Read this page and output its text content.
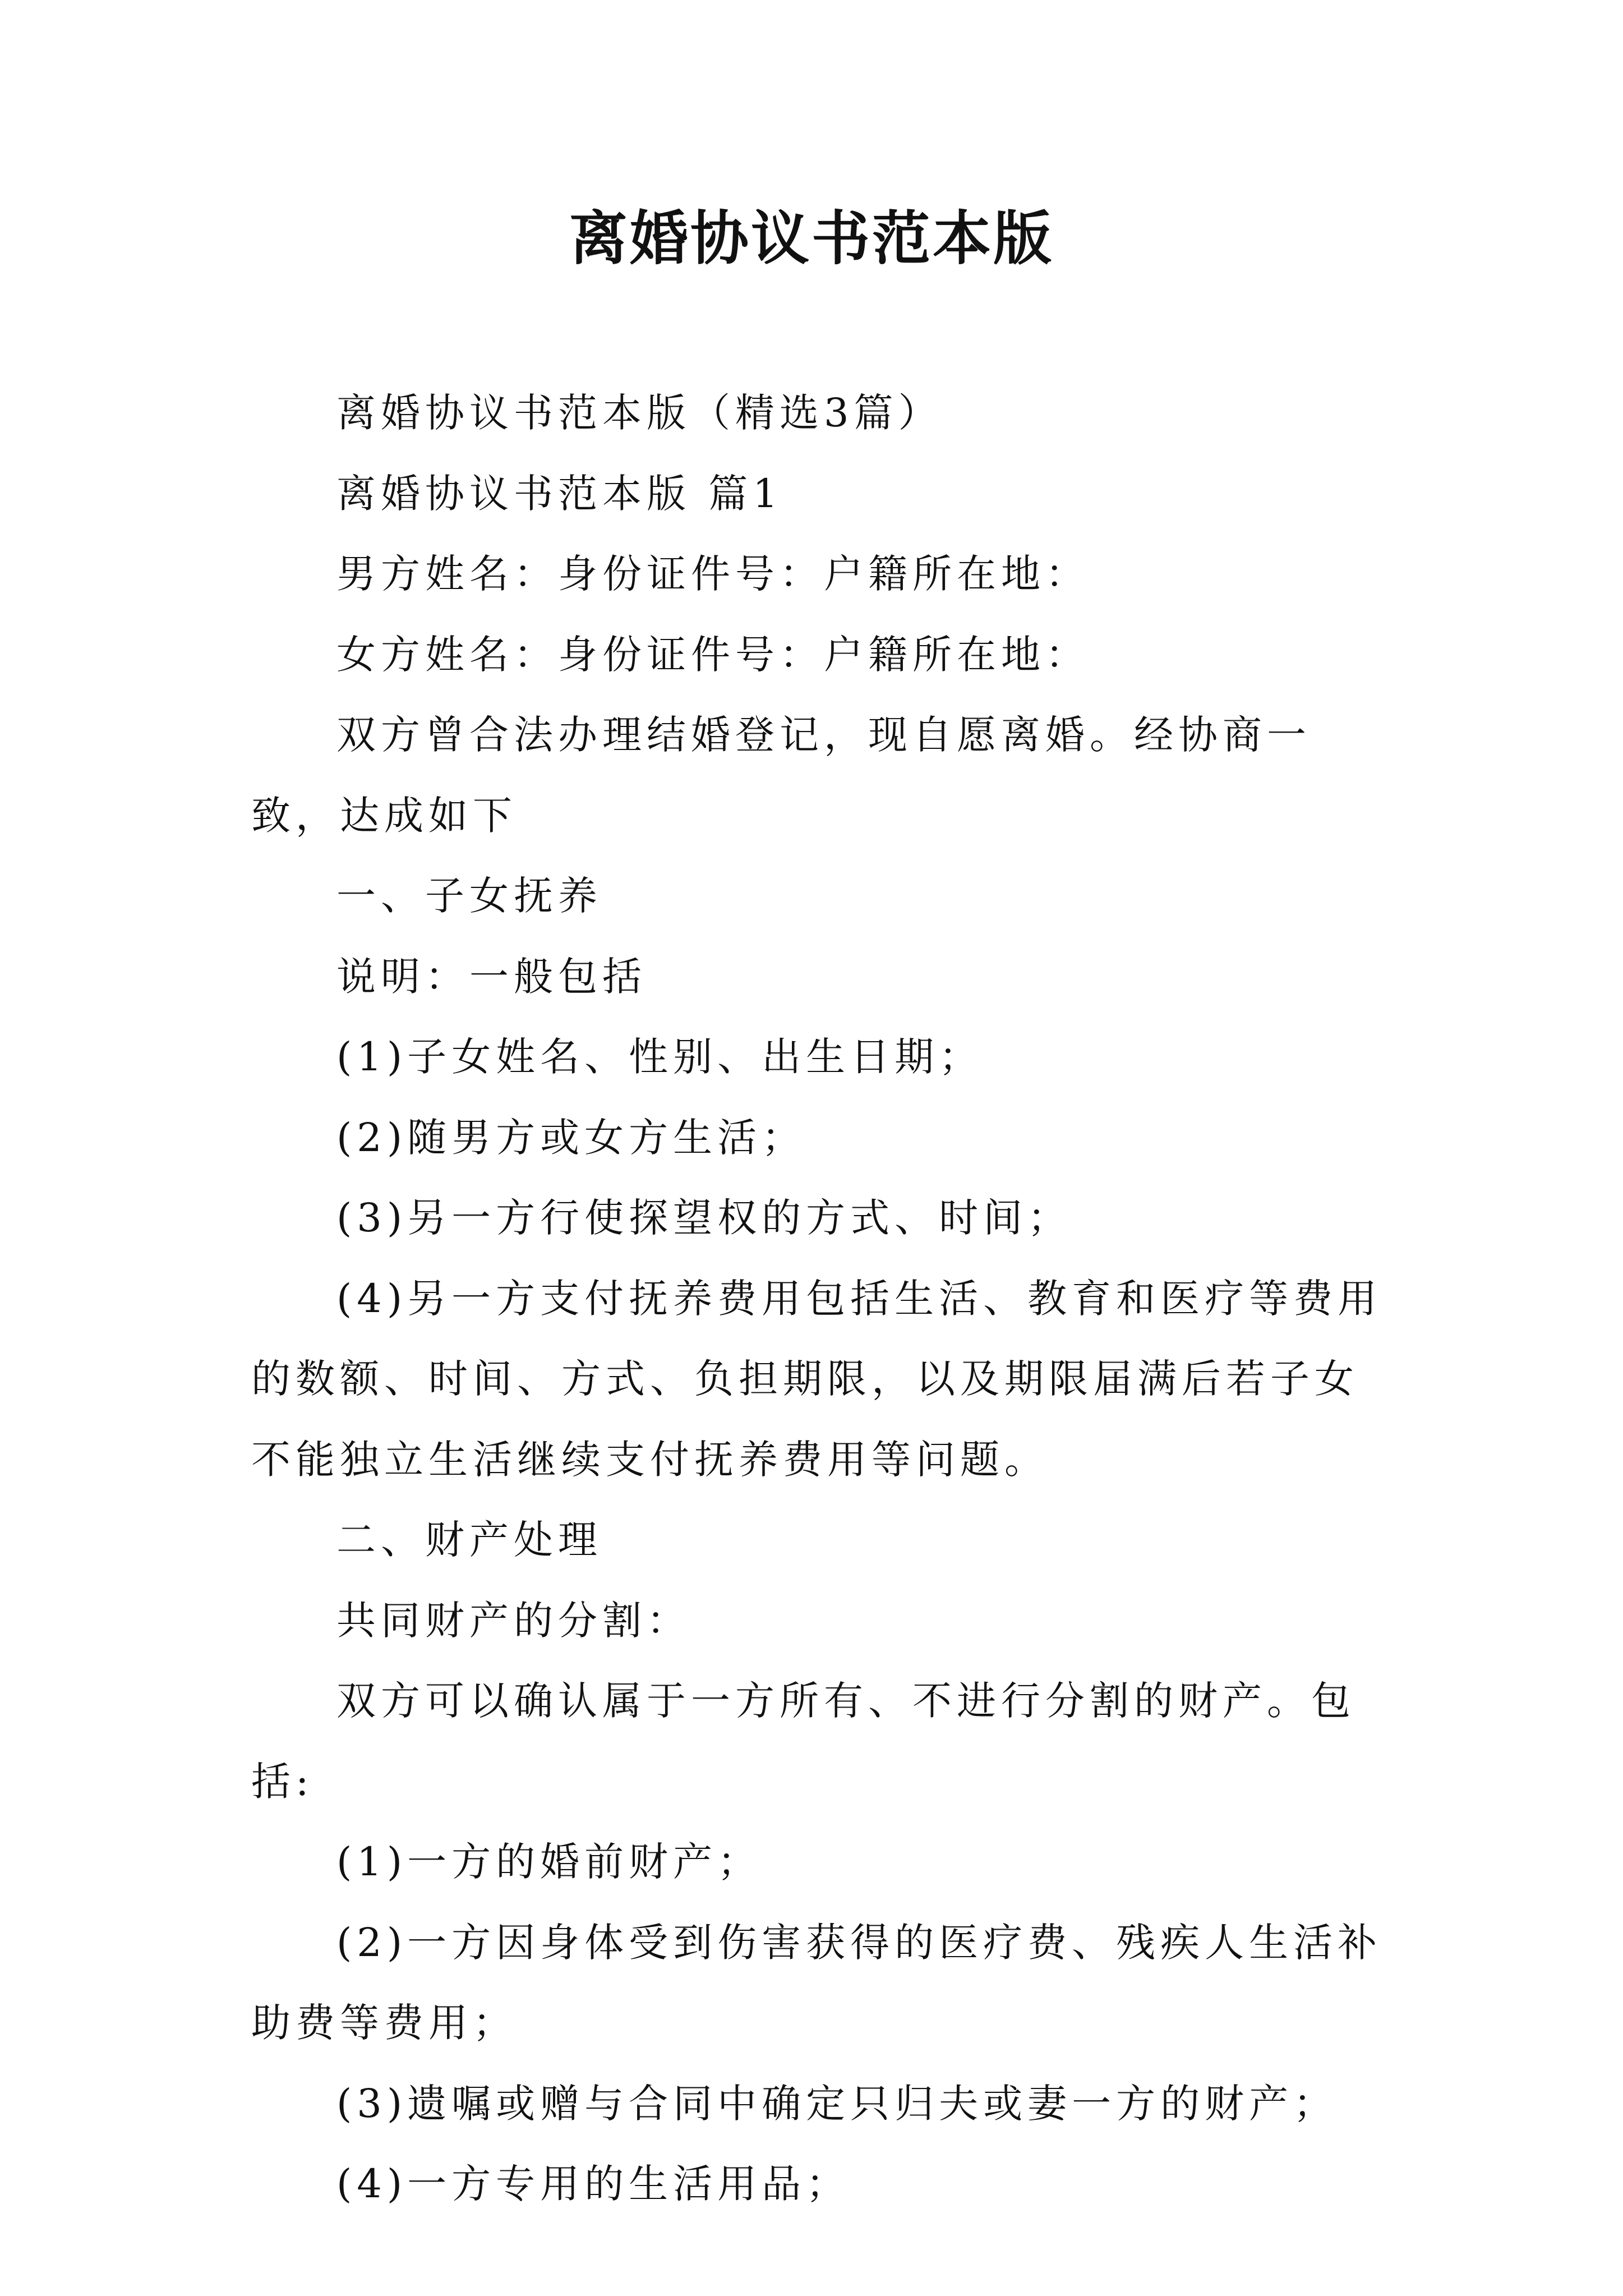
离婚协议书范本版

离婚协议书范本版（精选3篇）

离婚协议书范本版 篇1

男方姓名：身份证件号：户籍所在地：

女方姓名：身份证件号：户籍所在地：

双方曾合法办理结婚登记，现自愿离婚。经协商一致，达成如下

一、子女抚养

说明：一般包括

(1)子女姓名、性别、出生日期；

(2)随男方或女方生活；

(3)另一方行使探望权的方式、时间；

(4)另一方支付抚养费用包括生活、教育和医疗等费用的数额、时间、方式、负担期限，以及期限届满后若子女不能独立生活继续支付抚养费用等问题。

二、财产处理

共同财产的分割：

双方可以确认属于一方所有、不进行分割的财产。包括:

(1)一方的婚前财产；

(2)一方因身体受到伤害获得的医疗费、残疾人生活补助费等费用；

(3)遗嘱或赠与合同中确定只归夫或妻一方的财产；

(4)一方专用的生活用品；
